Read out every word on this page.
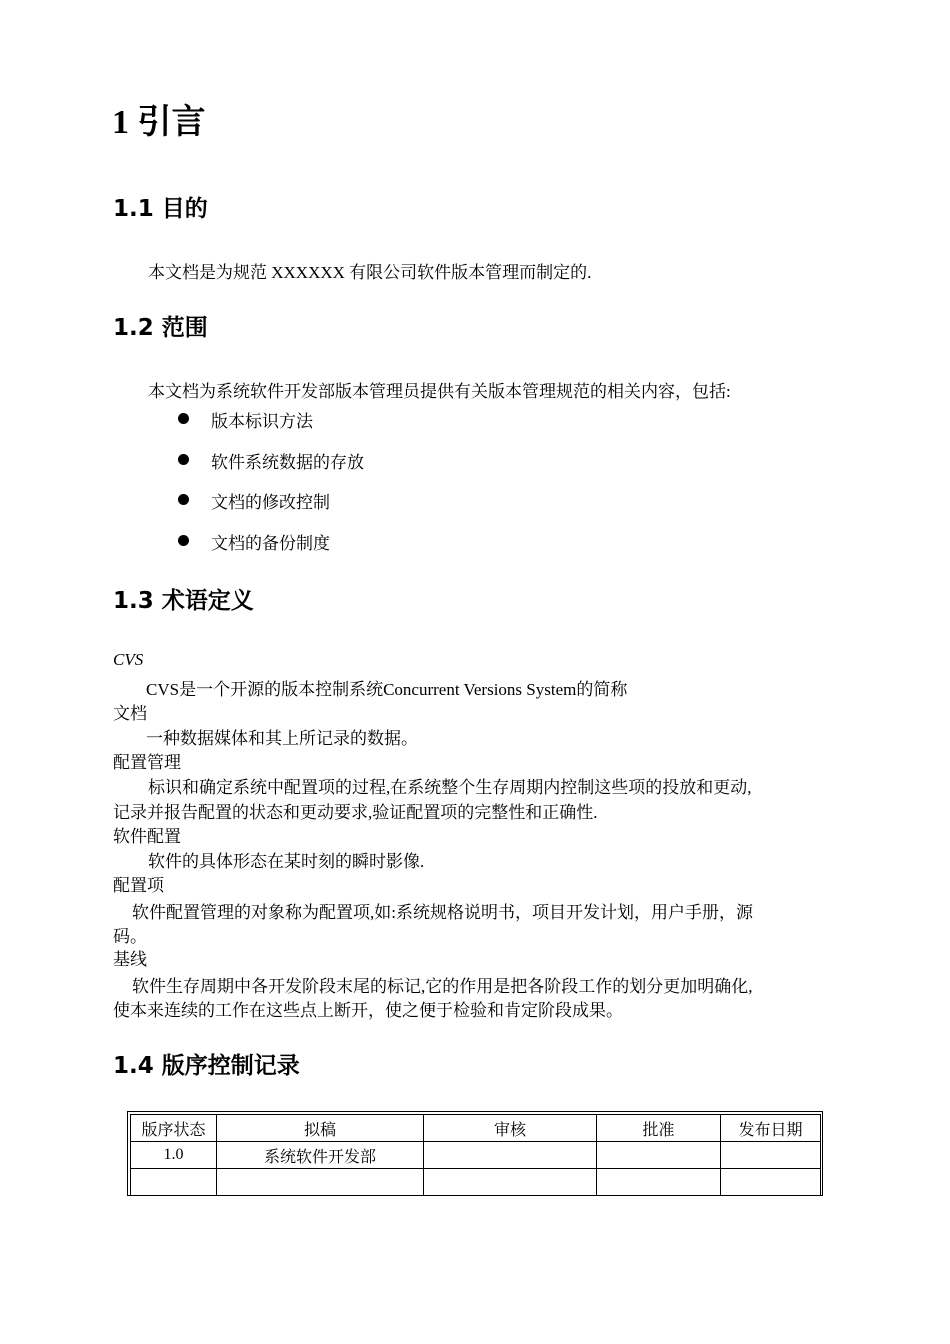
1 引言
1.1 目的
本文档是为规范 XXXXXX 有限公司软件版本管理而制定的.
1.2 范围
本文档为系统软件开发部版本管理员提供有关版本管理规范的相关内容，包括:
版本标识方法
软件系统数据的存放
文档的修改控制
文档的备份制度
1.3 术语定义
CVS
CVS是一个开源的版本控制系统Concurrent Versions System的简称
文档
一种数据媒体和其上所记录的数据。
配置管理
标识和确定系统中配置项的过程,在系统整个生存周期内控制这些项的投放和更动,
记录并报告配置的状态和更动要求,验证配置项的完整性和正确性.
软件配置
软件的具体形态在某时刻的瞬时影像.
配置项
软件配置管理的对象称为配置项,如:系统规格说明书，项目开发计划，用户手册，源
码。
基线
软件生存周期中各开发阶段末尾的标记,它的作用是把各阶段工作的划分更加明确化,
使本来连续的工作在这些点上断开，使之便于检验和肯定阶段成果。
1.4 版序控制记录
版序状态	拟稿	审核	批准	发布日期
1.0	系统软件开发部			
